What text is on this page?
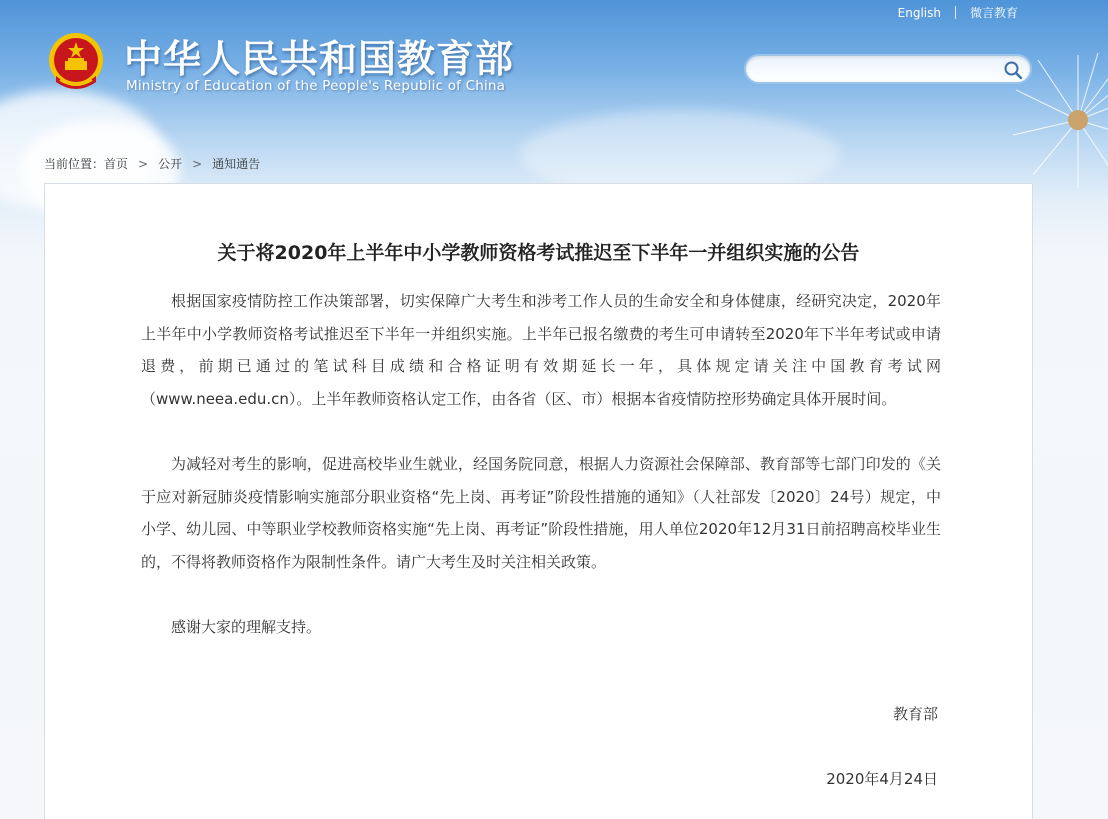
English 微言教育
中华人民共和国教育部
Ministry of Education of the People's Republic of China
当前位置： 首页 > 公开 > 通知通告
关于将2020年上半年中小学教师资格考试推迟至下半年一并组织实施的公告

根据国家疫情防控工作决策部署，切实保障广大考生和涉考工作人员的生命安全和身体健康，经研究决定，2020年上半年中小学教师资格考试推迟至下半年一并组织实施。上半年已报名缴费的考生可申请转至2020年下半年考试或申请退费，前期已通过的笔试科目成绩和合格证明有效期延长一年，具体规定请关注中国教育考试网（www.neea.edu.cn）。上半年教师资格认定工作，由各省（区、市）根据本省疫情防控形势确定具体开展时间。

为减轻对考生的影响，促进高校毕业生就业，经国务院同意，根据人力资源社会保障部、教育部等七部门印发的《关于应对新冠肺炎疫情影响实施部分职业资格“先上岗、再考证”阶段性措施的通知》（人社部发〔2020〕24号）规定，中小学、幼儿园、中等职业学校教师资格实施“先上岗、再考证”阶段性措施，用人单位2020年12月31日前招聘高校毕业生的，不得将教师资格作为限制性条件。请广大考生及时关注相关政策。

感谢大家的理解支持。

教育部
2020年4月24日
